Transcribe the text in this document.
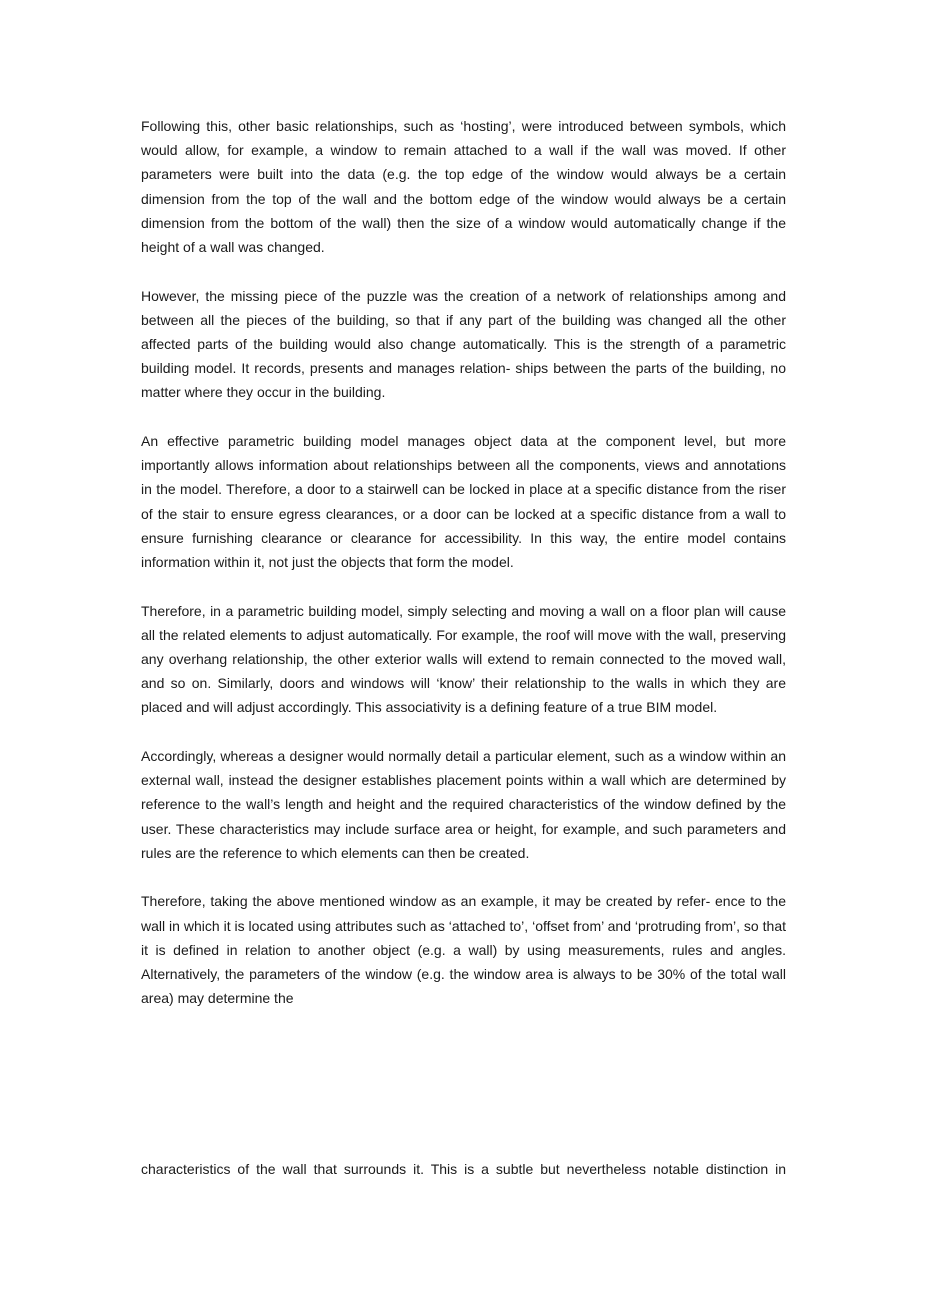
Following this, other basic relationships, such as ‘hosting’, were introduced between symbols, which would allow, for example, a window to remain attached to a wall if the wall was moved. If other parameters were built into the data (e.g. the top edge of the window would always be a certain dimension from the top of the wall and the bottom edge of the window would always be a certain dimension from the bottom of the wall) then the size of a window would automatically change if the height of a wall was changed.

However, the missing piece of the puzzle was the creation of a network of relationships among and between all the pieces of the building, so that if any part of the building was changed all the other affected parts of the building would also change automatically. This is the strength of a parametric building model. It records, presents and manages relation- ships between the parts of the building, no matter where they occur in the building.

An effective parametric building model manages object data at the component level, but more importantly allows information about relationships between all the components, views and annotations in the model. Therefore, a door to a stairwell can be locked in place at a specific distance from the riser of the stair to ensure egress clearances, or a door can be locked at a specific distance from a wall to ensure furnishing clearance or clearance for accessibility. In this way, the entire model contains information within it, not just the objects that form the model.

Therefore, in a parametric building model, simply selecting and moving a wall on a floor plan will cause all the related elements to adjust automatically. For example, the roof will move with the wall, preserving any overhang relationship, the other exterior walls will extend to remain connected to the moved wall, and so on. Similarly, doors and windows will ‘know’ their relationship to the walls in which they are placed and will adjust accordingly. This associativity is a defining feature of a true BIM model.

Accordingly, whereas a designer would normally detail a particular element, such as a window within an external wall, instead the designer establishes placement points within a wall which are determined by reference to the wall’s length and height and the required characteristics of the window defined by the user. These characteristics may include surface area or height, for example, and such parameters and rules are the reference to which elements can then be created.

Therefore, taking the above mentioned window as an example, it may be created by refer- ence to the wall in which it is located using attributes such as ‘attached to’, ‘offset from’ and ‘protruding from’, so that it is defined in relation to another object (e.g. a wall) by using measurements, rules and angles. Alternatively, the parameters of the window (e.g. the window area is always to be 30% of the total wall area) may determine the

characteristics of the wall that surrounds it. This is a subtle but nevertheless notable distinction in
